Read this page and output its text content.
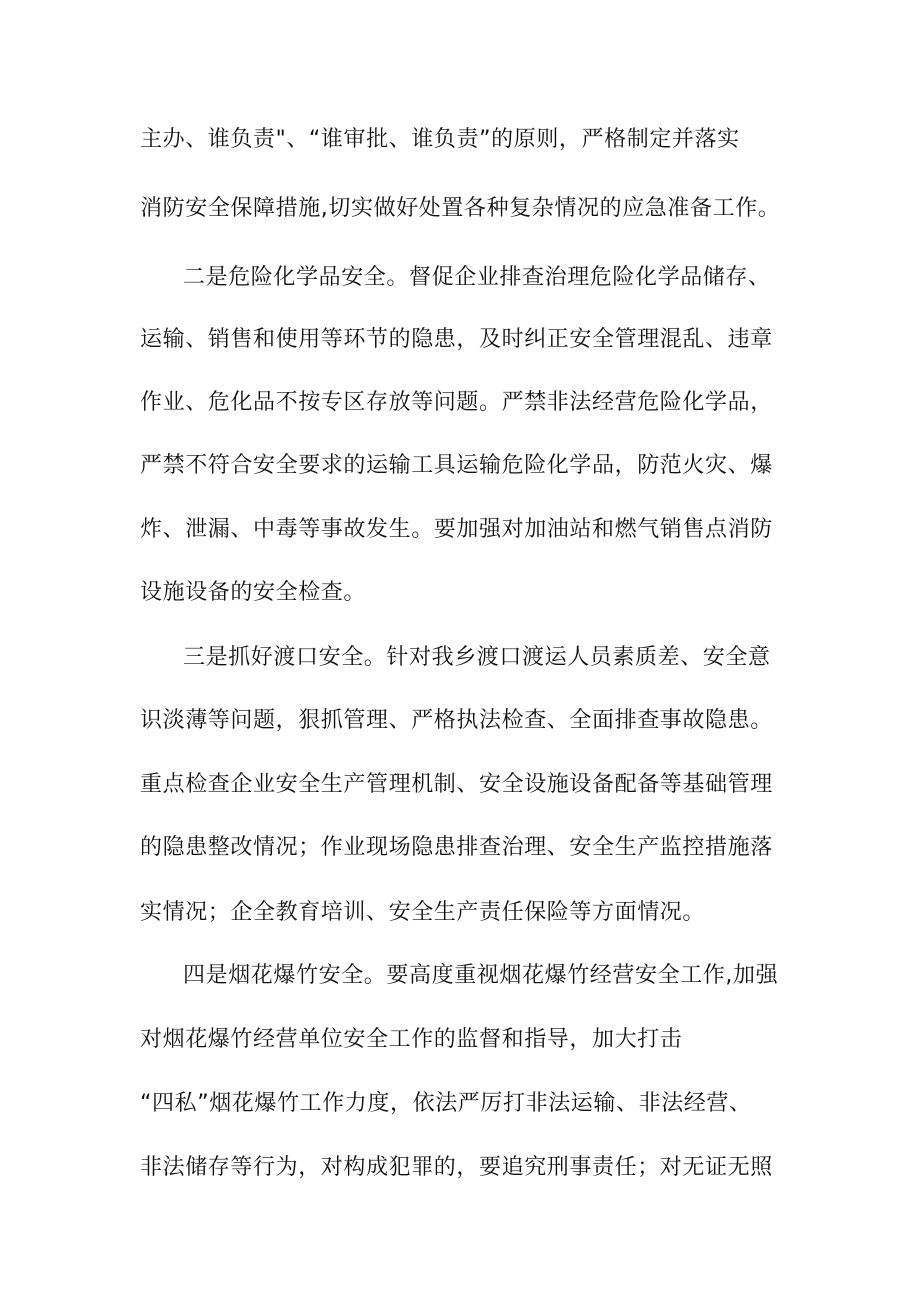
主办、谁负责"、“谁审批、谁负责”的原则，严格制定并落实
消防安全保障措施,切实做好处置各种复杂情况的应急准备工作。
二是危险化学品安全。督促企业排查治理危险化学品储存、
运输、销售和使用等环节的隐患，及时纠正安全管理混乱、违章
作业、危化品不按专区存放等问题。严禁非法经营危险化学品，
严禁不符合安全要求的运输工具运输危险化学品，防范火灾、爆
炸、泄漏、中毒等事故发生。要加强对加油站和燃气销售点消防
设施设备的安全检查。
三是抓好渡口安全。针对我乡渡口渡运人员素质差、安全意
识淡薄等问题，狠抓管理、严格执法检查、全面排查事故隐患。
重点检查企业安全生产管理机制、安全设施设备配备等基础管理
的隐患整改情况；作业现场隐患排查治理、安全生产监控措施落
实情况；企全教育培训、安全生产责任保险等方面情况。
四是烟花爆竹安全。要高度重视烟花爆竹经营安全工作,加强
对烟花爆竹经营单位安全工作的监督和指导，加大打击
“四私”烟花爆竹工作力度，依法严厉打非法运输、非法经营、
非法储存等行为，对构成犯罪的，要追究刑事责任；对无证无照
